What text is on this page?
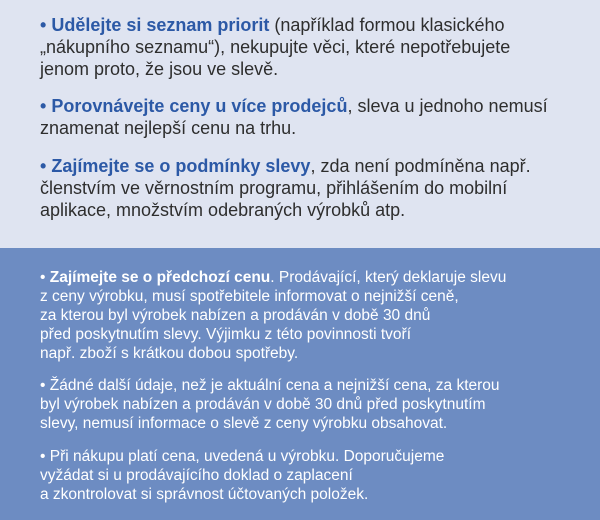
• Udělejte si seznam priorit (například formou klasického
„nákupního seznamu“), nekupujte věci, které nepotřebujete
jenom proto, že jsou ve slevě.

• Porovnávejte ceny u více prodejců, sleva u jednoho nemusí
znamenat nejlepší cenu na trhu.

• Zajímejte se o podmínky slevy, zda není podmíněna např.
členstvím ve věrnostním programu, přihlášením do mobilní
aplikace, množstvím odebraných výrobků atp.

• Zajímejte se o předchozí cenu. Prodávající, který deklaruje slevu
z ceny výrobku, musí spotřebitele informovat o nejnižší ceně,
za kterou byl výrobek nabízen a prodáván v době 30 dnů
před poskytnutím slevy. Výjimku z této povinnosti tvoří
např. zboží s krátkou dobou spotřeby.

• Žádné další údaje, než je aktuální cena a nejnižší cena, za kterou
byl výrobek nabízen a prodáván v době 30 dnů před poskytnutím
slevy, nemusí informace o slevě z ceny výrobku obsahovat.

• Při nákupu platí cena, uvedená u výrobku. Doporučujeme
vyžádat si u prodávajícího doklad o zaplacení
a zkontrolovat si správnost účtovaných položek.
